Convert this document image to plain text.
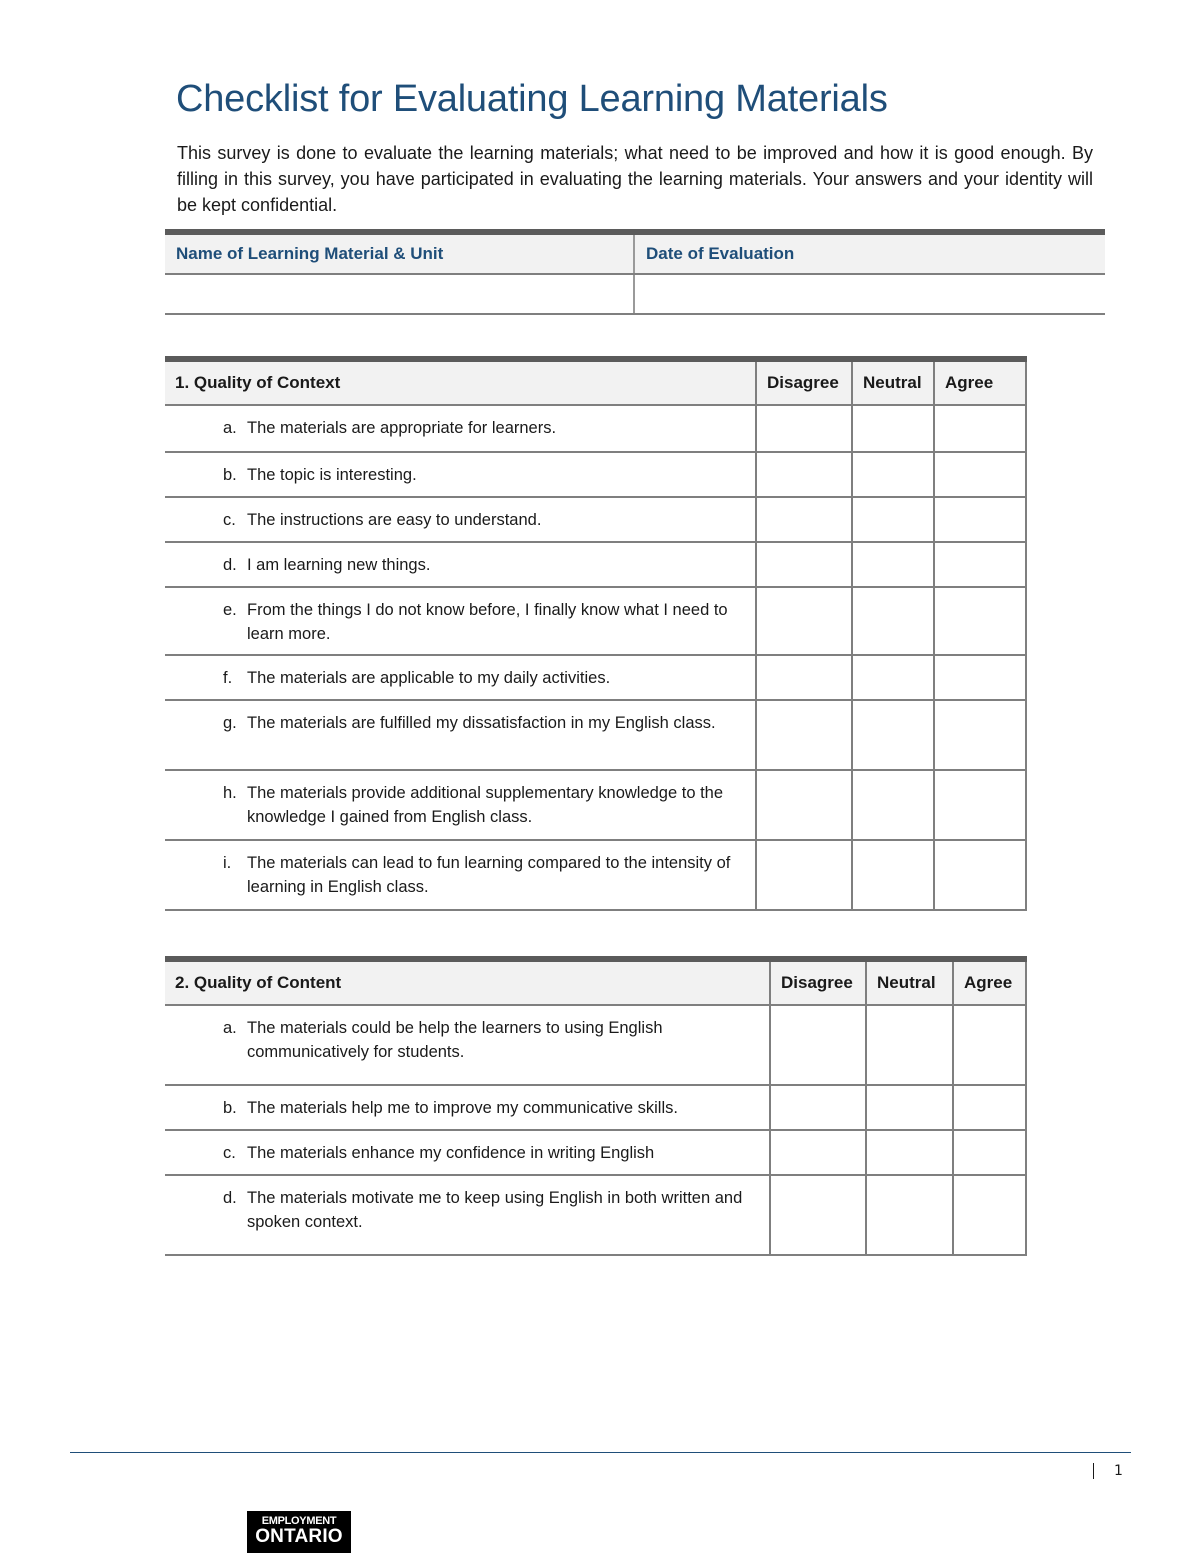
Checklist for Evaluating Learning Materials

This survey is done to evaluate the learning materials; what need to be improved and how it is good enough. By filling in this survey, you have participated in evaluating the learning materials. Your answers and your identity will be kept confidential.

Name of Learning Material & Unit	Date of Evaluation

1. Quality of Context	Disagree	Neutral	Agree

a. The materials are appropriate for learners.			

b. The topic is interesting.			

c. The instructions are easy to understand.			

d. I am learning new things.			

e. From the things I do not know before, I finally know what I need to learn more.			

f. The materials are applicable to my daily activities.			

g. The materials are fulfilled my dissatisfaction in my English class.			

h. The materials provide additional supplementary knowledge to the knowledge I gained from English class.			

i. The materials can lead to fun learning compared to the intensity of learning in English class.			

2. Quality of Content	Disagree	Neutral	Agree

a. The materials could be help the learners to using English communicatively for students.			

b. The materials help me to improve my communicative skills.			

c. The materials enhance my confidence in writing English			

d. The materials motivate me to keep using English in both written and spoken context.			

1
EMPLOYMENT
ONTARIO
